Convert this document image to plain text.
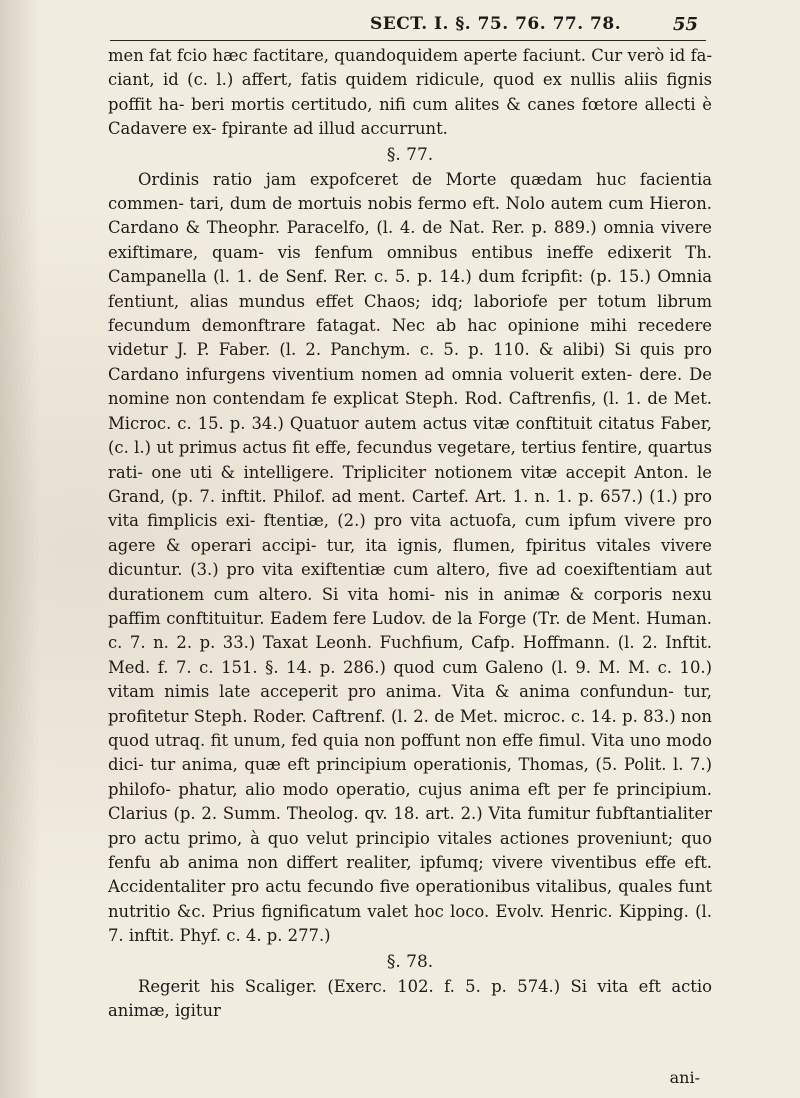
SECT. I. §. 75. 76. 77. 78.	55

men fat fcio hæc factitare, quandoquidem aperte faciunt. Cur verò id fa- ciant, id (c. l.) affert, fatis quidem ridicule, quod ex nullis aliis fignis poffit ha- beri mortis certitudo, nifi cum alites & canes fœtore allecti è Cadavere ex- fpirante ad illud accurrunt.

§. 77.

Ordinis ratio jam expofceret de Morte quædam huc facientia commen- tari, dum de mortuis nobis fermo eft. Nolo autem cum Hieron. Cardano & Theophr. Paracelfo, (l. 4. de Nat. Rer. p. 889.) omnia vivere exiftimare, quam- vis fenfum omnibus entibus ineffe edixerit Th. Campanella (l. 1. de Senf. Rer. c. 5. p. 14.) dum fcripfit: (p. 15.) Omnia fentiunt, alias mundus effet Chaos; idq; laboriofe per totum librum fecundum demonftrare fatagat. Nec ab hac opinione mihi recedere videtur J. P. Faber. (l. 2. Panchym. c. 5. p. 110. & alibi) Si quis pro Cardano infurgens viventium nomen ad omnia voluerit exten- dere. De nomine non contendam fe explicat Steph. Rod. Caftrenfis, (l. 1. de Met. Microc. c. 15. p. 34.) Quatuor autem actus vitæ conftituit citatus Faber, (c. l.) ut primus actus fit effe, fecundus vegetare, tertius fentire, quartus rati- one uti & intelligere. Tripliciter notionem vitæ accepit Anton. le Grand, (p. 7. inftit. Philof. ad ment. Cartef. Art. 1. n. 1. p. 657.) (1.) pro vita fimplicis exi- ftentiæ, (2.) pro vita actuofa, cum ipfum vivere pro agere & operari accipi- tur, ita ignis, flumen, fpiritus vitales vivere dicuntur. (3.) pro vita exiftentiæ cum altero, five ad coexiftentiam aut durationem cum altero. Si vita homi- nis in animæ & corporis nexu paffim conftituitur. Eadem fere Ludov. de la Forge (Tr. de Ment. Human. c. 7. n. 2. p. 33.) Taxat Leonh. Fuchfium, Cafp. Hoffmann. (l. 2. Inftit. Med. f. 7. c. 151. §. 14. p. 286.) quod cum Galeno (l. 9. M. M. c. 10.) vitam nimis late acceperit pro anima. Vita & anima confundun- tur, profitetur Steph. Roder. Caftrenf. (l. 2. de Met. microc. c. 14. p. 83.) non quod utraq. fit unum, fed quia non poffunt non effe fimul. Vita uno modo dici- tur anima, quæ eft principium operationis, Thomas, (5. Polit. l. 7.) philofo- phatur, alio modo operatio, cujus anima eft per fe principium. Clarius (p. 2. Summ. Theolog. qv. 18. art. 2.) Vita fumitur fubftantialiter pro actu primo, à quo velut principio vitales actiones proveniunt; quo fenfu ab anima non differt realiter, ipfumq; vivere viventibus effe eft. Accidentaliter pro actu fecundo five operationibus vitalibus, quales funt nutritio &c. Prius fignificatum valet hoc loco. Evolv. Henric. Kipping. (l. 7. inftit. Phyf. c. 4. p. 277.)

§. 78.

Regerit his Scaliger. (Exerc. 102. f. 5. p. 574.) Si vita eft actio animæ, igitur

ani-
